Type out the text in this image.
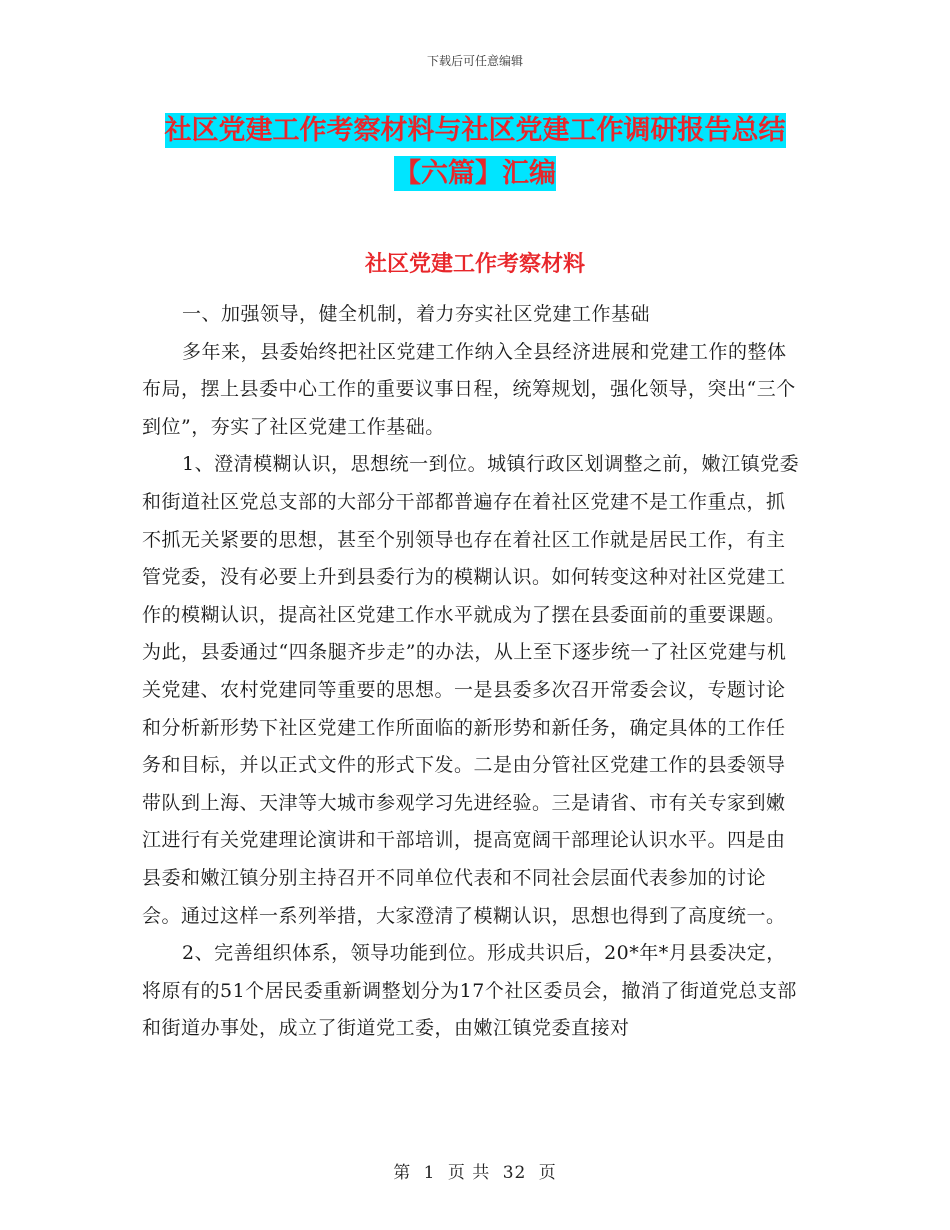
下载后可任意编辑
社区党建工作考察材料与社区党建工作调研报告总结
【六篇】汇编
社区党建工作考察材料

一、加强领导，健全机制，着力夯实社区党建工作基础

多年来，县委始终把社区党建工作纳入全县经济进展和党建工作的整体布局，摆上县委中心工作的重要议事日程，统筹规划，强化领导，突出“三个到位”，夯实了社区党建工作基础。

1、澄清模糊认识，思想统一到位。城镇行政区划调整之前，嫩江镇党委和街道社区党总支部的大部分干部都普遍存在着社区党建不是工作重点，抓不抓无关紧要的思想，甚至个别领导也存在着社区工作就是居民工作，有主管党委，没有必要上升到县委行为的模糊认识。如何转变这种对社区党建工作的模糊认识，提高社区党建工作水平就成为了摆在县委面前的重要课题。为此，县委通过“四条腿齐步走”的办法，从上至下逐步统一了社区党建与机关党建、农村党建同等重要的思想。一是县委多次召开常委会议，专题讨论和分析新形势下社区党建工作所面临的新形势和新任务，确定具体的工作任务和目标，并以正式文件的形式下发。二是由分管社区党建工作的县委领导带队到上海、天津等大城市参观学习先进经验。三是请省、市有关专家到嫩江进行有关党建理论演讲和干部培训，提高宽阔干部理论认识水平。四是由县委和嫩江镇分别主持召开不同单位代表和不同社会层面代表参加的讨论会。通过这样一系列举措，大家澄清了模糊认识，思想也得到了高度统一。

2、完善组织体系，领导功能到位。形成共识后，20*年*月县委决定，将原有的51个居民委重新调整划分为17个社区委员会，撤消了街道党总支部和街道办事处，成立了街道党工委，由嫩江镇党委直接对

第 1 页 共 32 页
